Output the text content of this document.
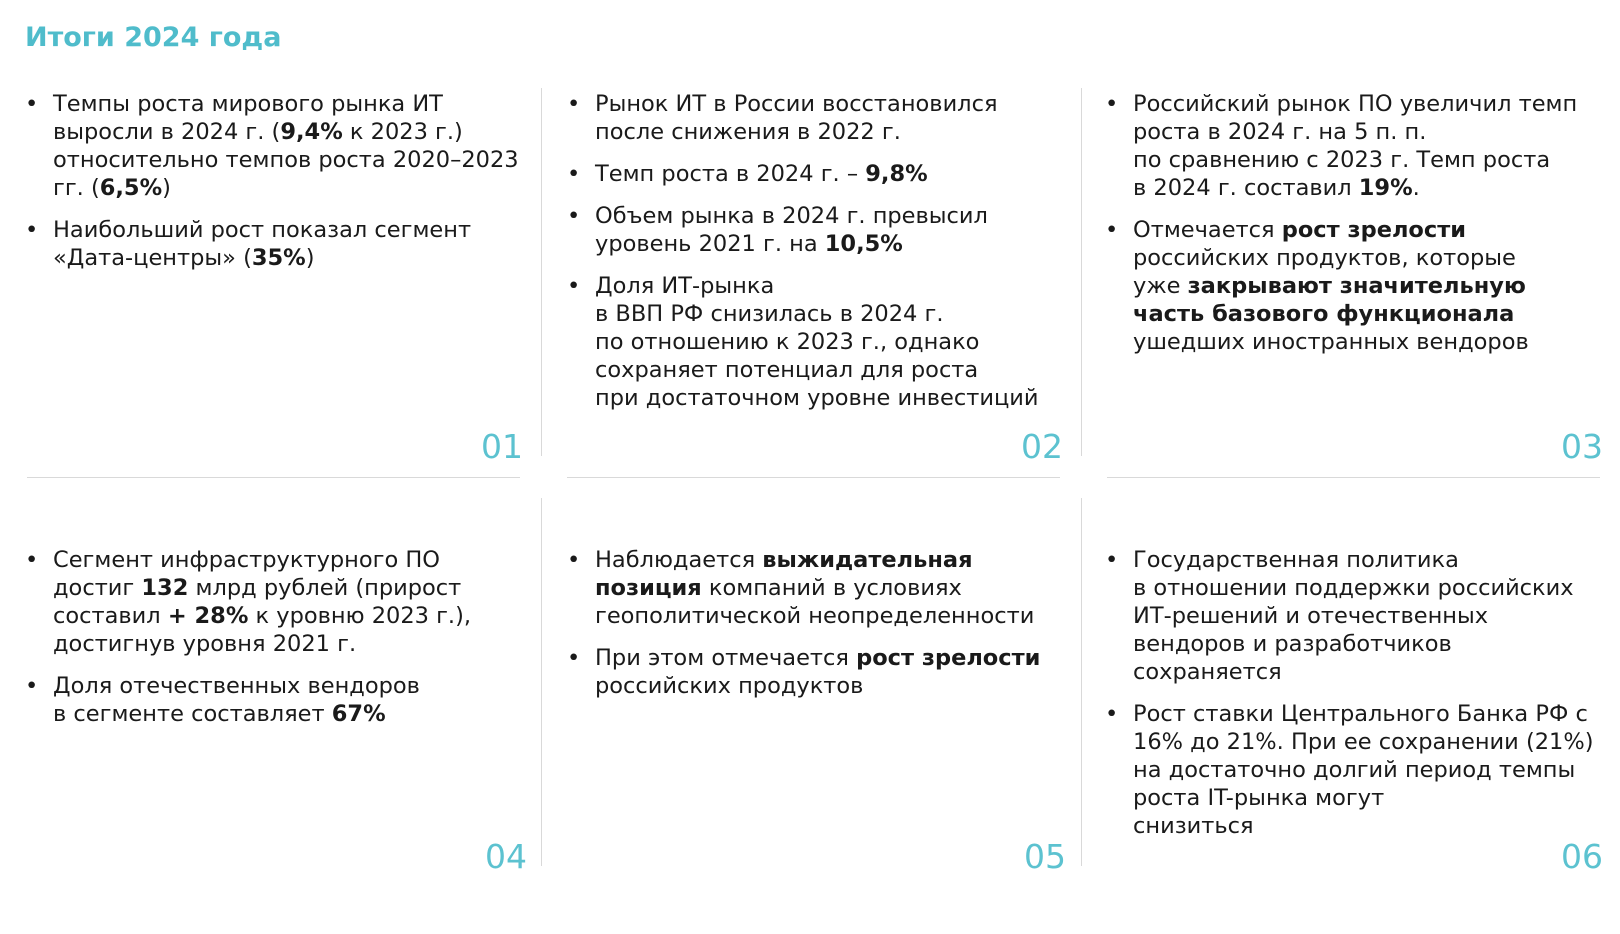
Итоги 2024 года
• Темпы роста мирового рынка ИТ выросли в 2024 г. (9,4% к 2023 г.) относительно темпов роста 2020–2023 гг. (6,5%)
• Наибольший рост показал сегмент «Дата-центры» (35%)
• Рынок ИТ в России восстановился после снижения в 2022 г.
• Темп роста в 2024 г. – 9,8%
• Объем рынка в 2024 г. превысил уровень 2021 г. на 10,5%
• Доля ИТ-рынка
в ВВП РФ снизилась в 2024 г.
по отношению к 2023 г., однако
сохраняет потенциал для роста
при достаточном уровне инвестиций
• Российский рынок ПО увеличил темп роста в 2024 г. на 5 п. п.
по сравнению с 2023 г. Темп роста
в 2024 г. составил 19%.
• Отмечается рост зрелости
российских продуктов, которые
уже закрывают значительную
часть базового функционала
ушедших иностранных вендоров
• Сегмент инфраструктурного ПО достиг 132 млрд рублей (прирост составил + 28% к уровню 2023 г.), достигнув уровня 2021 г.
• Доля отечественных вендоров
в сегменте составляет 67%
• Наблюдается выжидательная
позиция компаний в условиях геополитической неопределенности
• При этом отмечается рост зрелости
российских продуктов
• Государственная политика
в отношении поддержки российских ИТ-решений и отечественных
вендоров и разработчиков
сохраняется
• Рост ставки Центрального Банка РФ с 16% до 21%. При ее сохранении (21%) на достаточно долгий период темпы роста IT-рынка могут
снизиться
01	02	03
04	05	06
